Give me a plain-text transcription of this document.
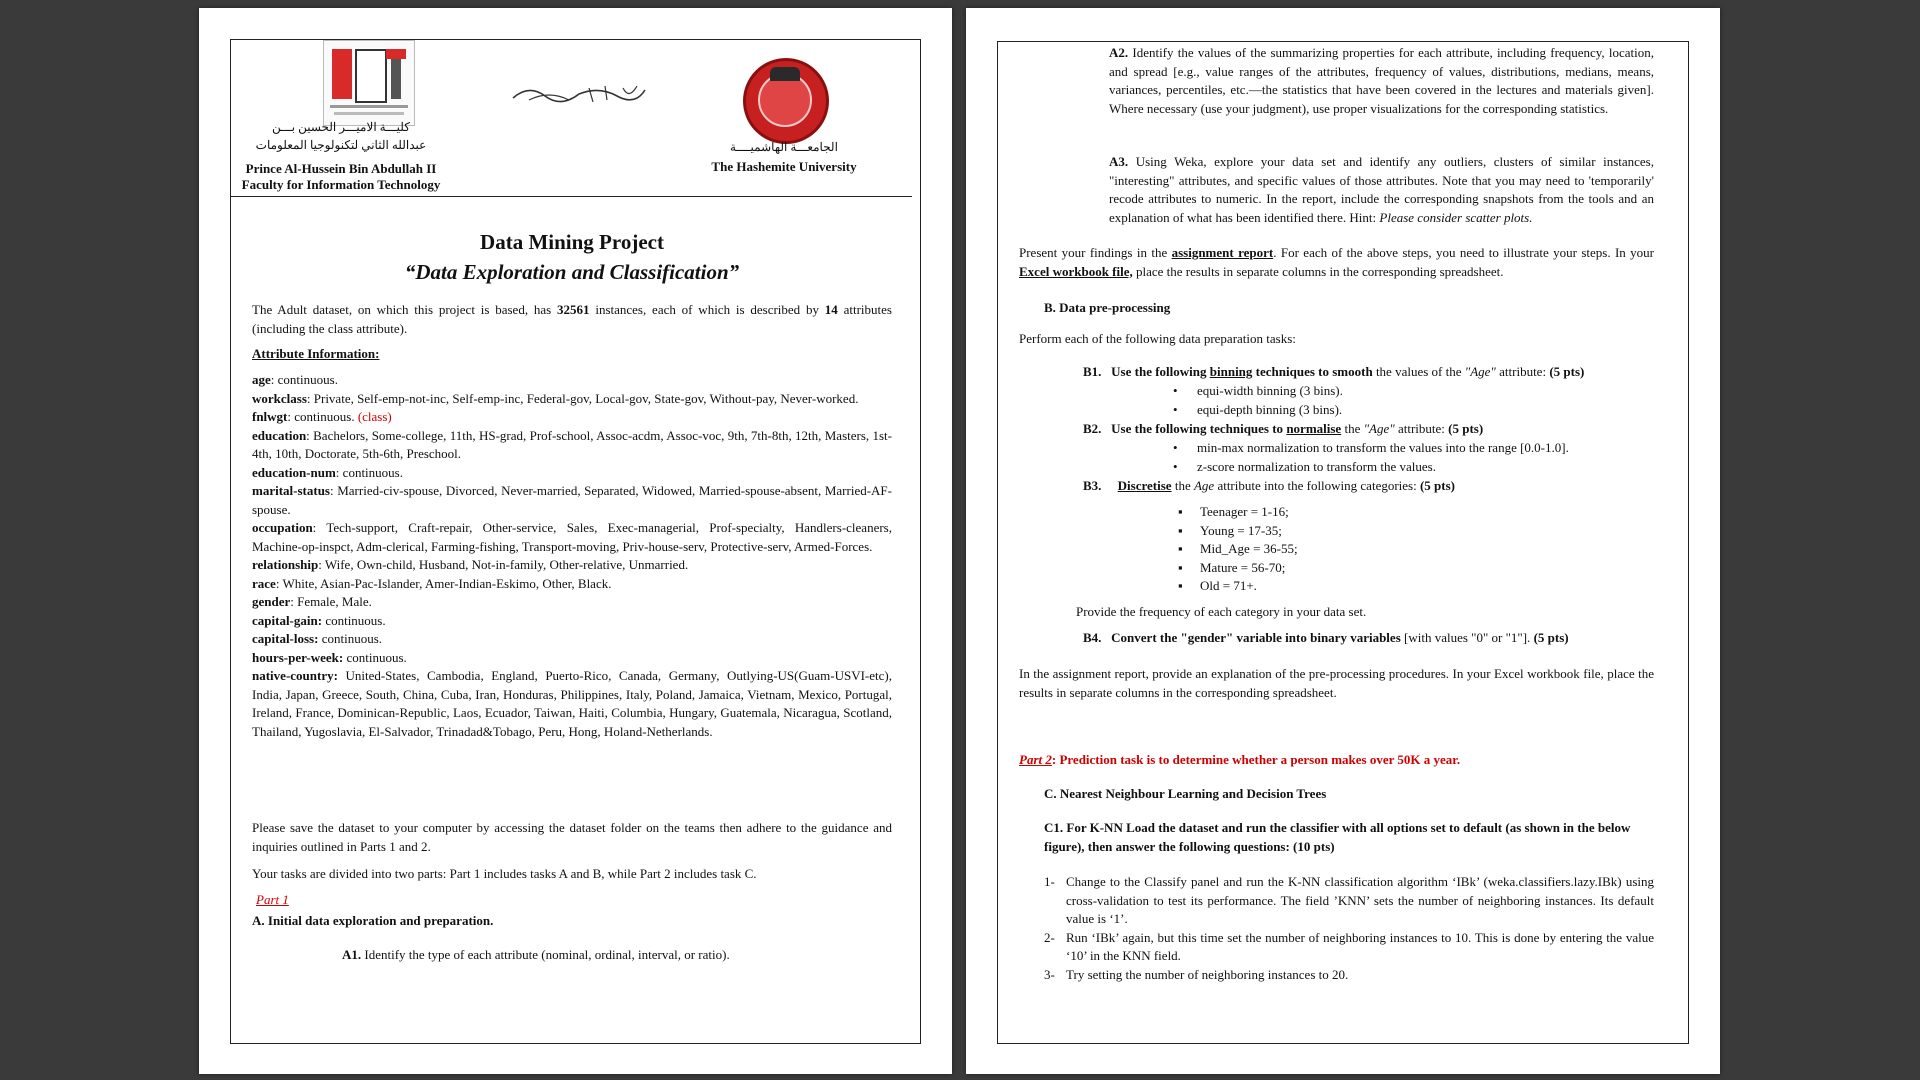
كليـــة الاميـــر الحسين بـــن
عبدالله الثاني لتكنولوجيا المعلومات
Prince Al-Hussein Bin Abdullah II
Faculty for Information Technology
الجامعـــة الهاشميــــة
The Hashemite University
Data Mining Project
“Data Exploration and Classification”
The Adult dataset, on which this project is based, has 32561 instances, each of which is described by 14 attributes (including the class attribute).
Attribute Information:
age: continuous.
workclass: Private, Self-emp-not-inc, Self-emp-inc, Federal-gov, Local-gov, State-gov, Without-pay, Never-worked.
fnlwgt: continuous. (class)
education: Bachelors, Some-college, 11th, HS-grad, Prof-school, Assoc-acdm, Assoc-voc, 9th, 7th-8th, 12th, Masters, 1st-4th, 10th, Doctorate, 5th-6th, Preschool.
education-num: continuous.
marital-status: Married-civ-spouse, Divorced, Never-married, Separated, Widowed, Married-spouse-absent, Married-AF-spouse.
occupation: Tech-support, Craft-repair, Other-service, Sales, Exec-managerial, Prof-specialty, Handlers-cleaners, Machine-op-inspct, Adm-clerical, Farming-fishing, Transport-moving, Priv-house-serv, Protective-serv, Armed-Forces.
relationship: Wife, Own-child, Husband, Not-in-family, Other-relative, Unmarried.
race: White, Asian-Pac-Islander, Amer-Indian-Eskimo, Other, Black.
gender: Female, Male.
capital-gain: continuous.
capital-loss: continuous.
hours-per-week: continuous.
native-country: United-States, Cambodia, England, Puerto-Rico, Canada, Germany, Outlying-US(Guam-USVI-etc), India, Japan, Greece, South, China, Cuba, Iran, Honduras, Philippines, Italy, Poland, Jamaica, Vietnam, Mexico, Portugal, Ireland, France, Dominican-Republic, Laos, Ecuador, Taiwan, Haiti, Columbia, Hungary, Guatemala, Nicaragua, Scotland, Thailand, Yugoslavia, El-Salvador, Trinadad&Tobago, Peru, Hong, Holand-Netherlands.
Please save the dataset to your computer by accessing the dataset folder on the teams then adhere to the guidance and inquiries outlined in Parts 1 and 2.
Your tasks are divided into two parts: Part 1 includes tasks A and B, while Part 2 includes task C.
Part 1
A. Initial data exploration and preparation.
A1. Identify the type of each attribute (nominal, ordinal, interval, or ratio).
A2. Identify the values of the summarizing properties for each attribute, including frequency, location, and spread [e.g., value ranges of the attributes, frequency of values, distributions, medians, means, variances, percentiles, etc.—the statistics that have been covered in the lectures and materials given]. Where necessary (use your judgment), use proper visualizations for the corresponding statistics.
A3. Using Weka, explore your data set and identify any outliers, clusters of similar instances, "interesting" attributes, and specific values of those attributes. Note that you may need to 'temporarily' recode attributes to numeric. In the report, include the corresponding snapshots from the tools and an explanation of what has been identified there. Hint: Please consider scatter plots.
Present your findings in the assignment report. For each of the above steps, you need to illustrate your steps. In your Excel workbook file, place the results in separate columns in the corresponding spreadsheet.
B. Data pre-processing
Perform each of the following data preparation tasks:
B1. Use the following binning techniques to smooth the values of the "Age" attribute: (5 pts)
•	equi-width binning (3 bins).
•	equi-depth binning (3 bins).
B2. Use the following techniques to normalise the "Age" attribute: (5 pts)
•	min-max normalization to transform the values into the range [0.0-1.0].
•	z-score normalization to transform the values.
B3. Discretise the Age attribute into the following categories: (5 pts)
▪	Teenager = 1-16;
▪	Young = 17-35;
▪	Mid_Age = 36-55;
▪	Mature = 56-70;
▪	Old = 71+.
Provide the frequency of each category in your data set.
B4. Convert the "gender" variable into binary variables [with values "0" or "1"]. (5 pts)
In the assignment report, provide an explanation of the pre-processing procedures. In your Excel workbook file, place the results in separate columns in the corresponding spreadsheet.
Part 2: Prediction task is to determine whether a person makes over 50K a year.
C. Nearest Neighbour Learning and Decision Trees
C1. For K-NN Load the dataset and run the classifier with all options set to default (as shown in the below figure), then answer the following questions: (10 pts)
1- Change to the Classify panel and run the K-NN classification algorithm ‘IBk’ (weka.classifiers.lazy.IBk) using cross-validation to test its performance. The field ’KNN’ sets the number of neighboring instances. Its default value is ‘1’.
2- Run ‘IBk’ again, but this time set the number of neighboring instances to 10. This is done by entering the value ‘10’ in the KNN field.
3- Try setting the number of neighboring instances to 20.
